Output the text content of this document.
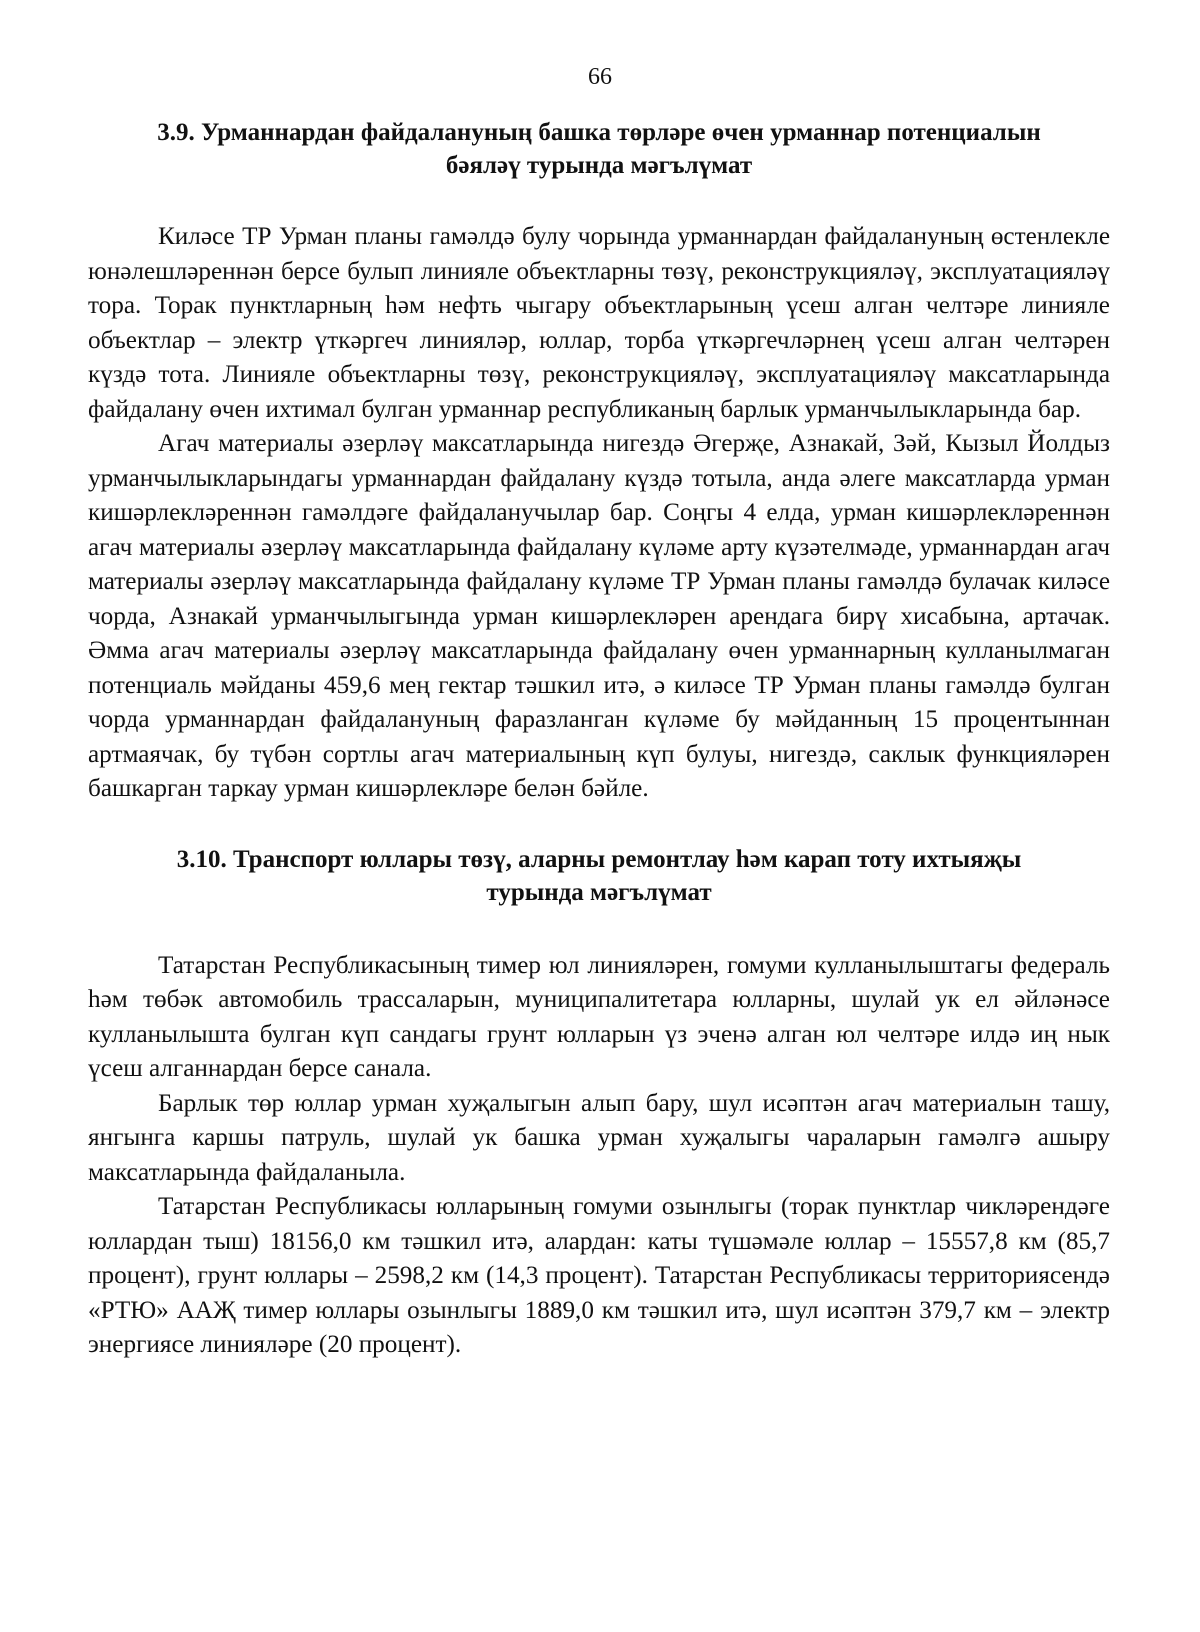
66
3.9. Урманнардан файдалануның башка төрләре өчен урманнар потенциалын
бәяләү турында мәгълүмат

Киләсе ТР Урман планы гамәлдә булу чорында урманнардан файдалануның өстенлекле юнәлешләреннән берсе булып линияле объектларны төзү, реконструкцияләү, эксплуатацияләү тора. Торак пунктларның һәм нефть чыгару объектларының үсеш алган челтәре линияле объектлар – электр үткәргеч линияләр, юллар, торба үткәргечләрнең үсеш алган челтәрен күздә тота. Линияле объектларны төзү, реконструкцияләү, эксплуатацияләү максатларында файдалану өчен ихтимал булган урманнар республиканың барлык урманчылыкларында бар.

Агач материалы әзерләү максатларында нигездә Әгерҗе, Азнакай, Зәй, Кызыл Йолдыз урманчылыкларындагы урманнардан файдалану күздә тотыла, анда әлеге максатларда урман кишәрлекләреннән гамәлдәге файдаланучылар бар. Соңгы 4 елда, урман кишәрлекләреннән агач материалы әзерләү максатларында файдалану күләме арту күзәтелмәде, урманнардан агач материалы әзерләү максатларында файдалану күләме ТР Урман планы гамәлдә булачак киләсе чорда, Азнакай урманчылыгында урман кишәрлекләрен арендага бирү хисабына, артачак. Әмма агач материалы әзерләү максатларында файдалану өчен урманнарның кулланылмаган потенциаль мәйданы 459,6 мең гектар тәшкил итә, ә киләсе ТР Урман планы гамәлдә булган чорда урманнардан файдалануның фаразланган күләме бу мәйданның 15 процентыннан артмаячак, бу түбән сортлы агач материалының күп булуы, нигездә, саклык функцияләрен башкарган таркау урман кишәрлекләре белән бәйле.

3.10. Транспорт юллары төзү, аларны ремонтлау һәм карап тоту ихтыяҗы
турында мәгълүмат

Татарстан Республикасының тимер юл линияләрен, гомуми кулланылыштагы федераль һәм төбәк автомобиль трассаларын, муниципалитетара юлларны, шулай ук ел әйләнәсе кулланылышта булган күп сандагы грунт юлларын үз эченә алган юл челтәре илдә иң нык үсеш алганнардан берсе санала.

Барлык төр юллар урман хуҗалыгын алып бару, шул исәптән агач материалын ташу, янгынга каршы патруль, шулай ук башка урман хуҗалыгы чараларын гамәлгә ашыру максатларында файдаланыла.

Татарстан Республикасы юлларының гомуми озынлыгы (торак пунктлар чикләрендәге юллардан тыш) 18156,0 км тәшкил итә, алардан: каты түшәмәле юллар – 15557,8 км (85,7 процент), грунт юллары – 2598,2 км (14,3 процент). Татарстан Республикасы территориясендә «РТЮ» ААҖ тимер юллары озынлыгы 1889,0 км тәшкил итә, шул исәптән 379,7 км – электр энергиясе линияләре (20 процент).
